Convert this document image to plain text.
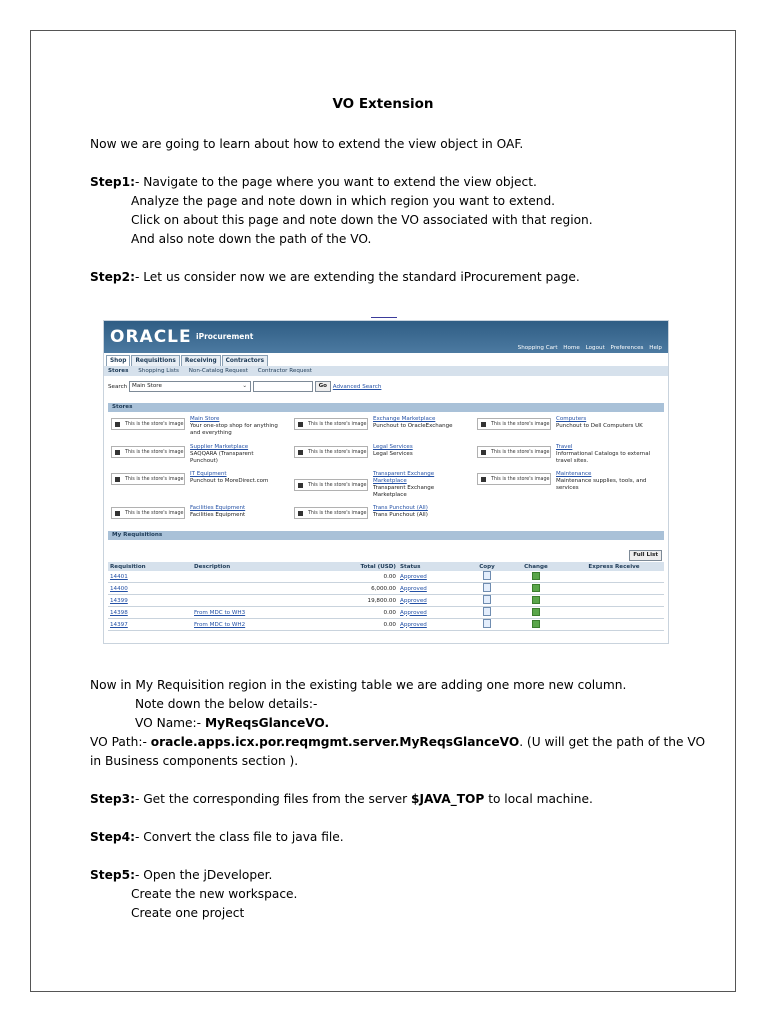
VO Extension
Now we are going to learn about how to extend the view object in OAF.
Step1:- Navigate to the page where you want to extend the view object.
Analyze the page and note down in which region you want to extend.
Click on about this page and note down the VO associated with that region.
And also note down the path of the VO.
Step2:- Let us consider now we are extending the standard iProcurement page.
Now in My Requisition region in the existing table we are adding one more new column.
Note down the below details:-
VO Name:- MyReqsGlanceVO.
VO Path:- oracle.apps.icx.por.reqmgmt.server.MyReqsGlanceVO. (U will get the path of the VO
in Business components section ).
Step3:- Get the corresponding files from the server $JAVA_TOP to local machine.
Step4:- Convert the class file to java file.
Step5:- Open the jDeveloper.
Create the new workspace.
Create one project
ORACLE iProcurement
Shopping Cart Home Logout Preferences Help
Shop Requisitions Receiving Contractors
Stores Shopping Lists Non-Catalog Request Contractor Request
Search Main Store	⌄	Go Advanced Search
Stores
This is the store's image
Main Store
Your one-stop shop for anything
and everything
This is the store's image
Exchange Marketplace
Punchout to OracleExchange	This is the store's image
Computers
Punchout to Dell Computers UK
This is the store's image
Supplier Marketplace
SAQQARA (Transparent
Punchout)
This is the store's image
Legal Services
Legal Services	This is the store's image
Travel
Informational Catalogs to external
travel sites.
This is the store's image
IT Equipment
Punchout to MoreDirect.com
This is the store's image
Transparent Exchange
Marketplace
Transparent Exchange
Marketplace
This is the store's image
Maintenance
Maintenance supplies, tools, and
services
This is the store's image
Facilities Equipment
Facilities Equipment	This is the store's image
Trans Punchout (All)
Trans Punchout (All)
My Requisitions
Full List
Requisition	Description	Total (USD)	Status	Copy	Change	Express Receive
14401		0.00	Approved			
14400		6,000.00	Approved			
14399		19,800.00	Approved			
14398	From MDC to WH3	0.00	Approved			
14397	From MDC to WH2	0.00	Approved			
